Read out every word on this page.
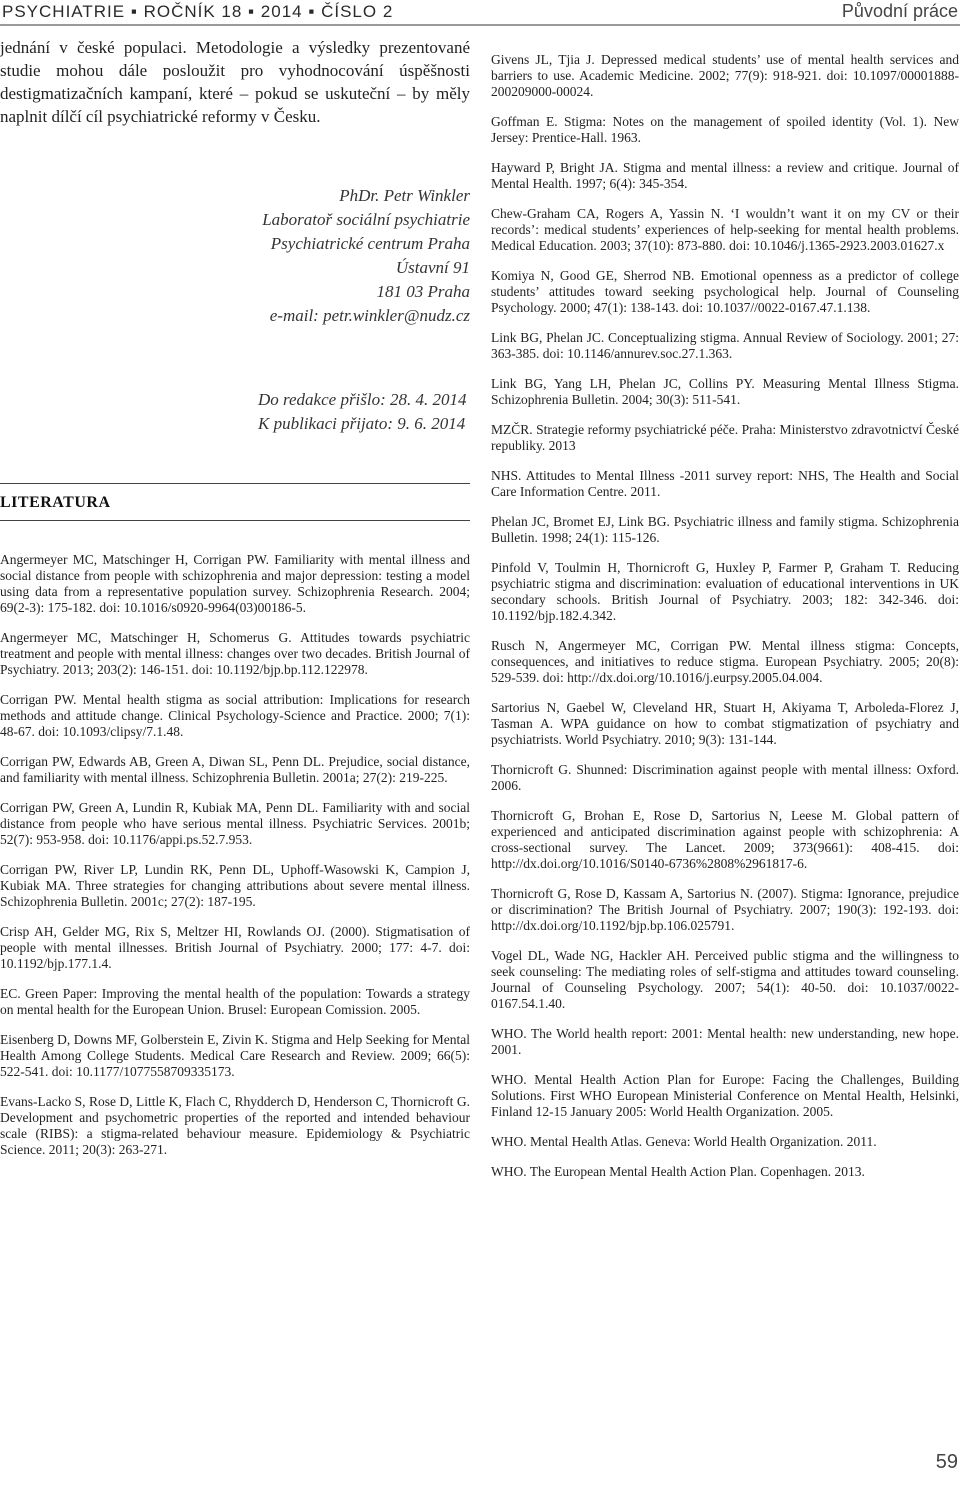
PSYCHIATRIE ▪ ROČNÍK 18 ▪ 2014 ▪ ČÍSLO 2	Původní práce

jednání v české populaci. Metodologie a výsledky prezentované studie mohou dále posloužit pro vyhodnocování úspěšnosti destigmatizačních kampaní, které – pokud se uskuteční – by měly naplnit dílčí cíl psychiatrické reformy v Česku.

PhDr. Petr Winkler
Laboratoř sociální psychiatrie
Psychiatrické centrum Praha
Ústavní 91
181 03 Praha
e-mail: petr.winkler@nudz.cz
Do redakce přišlo: 28. 4. 2014
K publikaci přijato: 9. 6. 2014
LITERATURA

Angermeyer MC, Matschinger H, Corrigan PW. Familiarity with mental illness and social distance from people with schizophrenia and major depression: testing a model using data from a representative population survey. Schizophrenia Research. 2004; 69(2-3): 175-182. doi: 10.1016/s0920-9964(03)00186-5.

Angermeyer MC, Matschinger H, Schomerus G. Attitudes towards psychiatric treatment and people with mental illness: changes over two decades. British Journal of Psychiatry. 2013; 203(2): 146-151. doi: 10.1192/bjp.bp.112.122978.

Corrigan PW. Mental health stigma as social attribution: Implications for research methods and attitude change. Clinical Psychology-Science and Practice. 2000; 7(1): 48-67. doi: 10.1093/clipsy/7.1.48.

Corrigan PW, Edwards AB, Green A, Diwan SL, Penn DL. Prejudice, social distance, and familiarity with mental illness. Schizophrenia Bulletin. 2001a; 27(2): 219-225.

Corrigan PW, Green A, Lundin R, Kubiak MA, Penn DL. Familiarity with and social distance from people who have serious mental illness. Psychiatric Services. 2001b; 52(7): 953-958. doi: 10.1176/appi.ps.52.7.953.

Corrigan PW, River LP, Lundin RK, Penn DL, Uphoff-Wasowski K, Campion J, Kubiak MA. Three strategies for changing attributions about severe mental illness. Schizophrenia Bulletin. 2001c; 27(2): 187-195.

Crisp AH, Gelder MG, Rix S, Meltzer HI, Rowlands OJ. (2000). Stigmatisation of people with mental illnesses. British Journal of Psychiatry. 2000; 177: 4-7. doi: 10.1192/bjp.177.1.4.

EC. Green Paper: Improving the mental health of the population: Towards a strategy on mental health for the European Union. Brusel: European Comission. 2005.

Eisenberg D, Downs MF, Golberstein E, Zivin K. Stigma and Help Seeking for Mental Health Among College Students. Medical Care Research and Review. 2009; 66(5): 522-541. doi: 10.1177/1077558709335173.

Evans-Lacko S, Rose D, Little K, Flach C, Rhydderch D, Henderson C, Thornicroft G. Development and psychometric properties of the reported and intended behaviour scale (RIBS): a stigma-related behaviour measure. Epidemiology & Psychiatric Science. 2011; 20(3): 263-271.

Givens JL, Tjia J. Depressed medical students’ use of mental health services and barriers to use. Academic Medicine. 2002; 77(9): 918-921. doi: 10.1097/00001888-200209000-00024.

Goffman E. Stigma: Notes on the management of spoiled identity (Vol. 1). New Jersey: Prentice-Hall. 1963.

Hayward P, Bright JA. Stigma and mental illness: a review and critique. Journal of Mental Health. 1997; 6(4): 345-354.

Chew-Graham CA, Rogers A, Yassin N. ‘I wouldn’t want it on my CV or their records’: medical students’ experiences of help-seeking for mental health problems. Medical Education. 2003; 37(10): 873-880. doi: 10.1046/j.1365-2923.2003.01627.x

Komiya N, Good GE, Sherrod NB. Emotional openness as a predictor of college students’ attitudes toward seeking psychological help. Journal of Counseling Psychology. 2000; 47(1): 138-143. doi: 10.1037//0022-0167.47.1.138.

Link BG, Phelan JC. Conceptualizing stigma. Annual Review of Sociology. 2001; 27: 363-385. doi: 10.1146/annurev.soc.27.1.363.

Link BG, Yang LH, Phelan JC, Collins PY. Measuring Mental Illness Stigma. Schizophrenia Bulletin. 2004; 30(3): 511-541.

MZČR. Strategie reformy psychiatrické péče. Praha: Ministerstvo zdravotnictví České republiky. 2013

NHS. Attitudes to Mental Illness -2011 survey report: NHS, The Health and Social Care Information Centre. 2011.

Phelan JC, Bromet EJ, Link BG. Psychiatric illness and family stigma. Schizophrenia Bulletin. 1998; 24(1): 115-126.

Pinfold V, Toulmin H, Thornicroft G, Huxley P, Farmer P, Graham T. Reducing psychiatric stigma and discrimination: evaluation of educational interventions in UK secondary schools. British Journal of Psychiatry. 2003; 182: 342-346. doi: 10.1192/bjp.182.4.342.

Rusch N, Angermeyer MC, Corrigan PW. Mental illness stigma: Concepts, consequences, and initiatives to reduce stigma. European Psychiatry. 2005; 20(8): 529-539. doi: http://dx.doi.org/10.1016/j.eurpsy.2005.04.004.

Sartorius N, Gaebel W, Cleveland HR, Stuart H, Akiyama T, Arboleda-Florez J, Tasman A. WPA guidance on how to combat stigmatization of psychiatry and psychiatrists. World Psychiatry. 2010; 9(3): 131-144.

Thornicroft G. Shunned: Discrimination against people with mental illness: Oxford. 2006.

Thornicroft G, Brohan E, Rose D, Sartorius N, Leese M. Global pattern of experienced and anticipated discrimination against people with schizophrenia: A cross-sectional survey. The Lancet. 2009; 373(9661): 408-415. doi: http://dx.doi.org/10.1016/S0140-6736%2808%2961817-6.

Thornicroft G, Rose D, Kassam A, Sartorius N. (2007). Stigma: Ignorance, prejudice or discrimination? The British Journal of Psychiatry. 2007; 190(3): 192-193. doi: http://dx.doi.org/10.1192/bjp.bp.106.025791.

Vogel DL, Wade NG, Hackler AH. Perceived public stigma and the willingness to seek counseling: The mediating roles of self-stigma and attitudes toward counseling. Journal of Counseling Psychology. 2007; 54(1): 40-50. doi: 10.1037/0022-0167.54.1.40.

WHO. The World health report: 2001: Mental health: new understanding, new hope. 2001.

WHO. Mental Health Action Plan for Europe: Facing the Challenges, Building Solutions. First WHO European Ministerial Conference on Mental Health, Helsinki, Finland 12-15 January 2005: World Health Organization. 2005.

WHO. Mental Health Atlas. Geneva: World Health Organization. 2011.

WHO. The European Mental Health Action Plan. Copenhagen. 2013.

59
